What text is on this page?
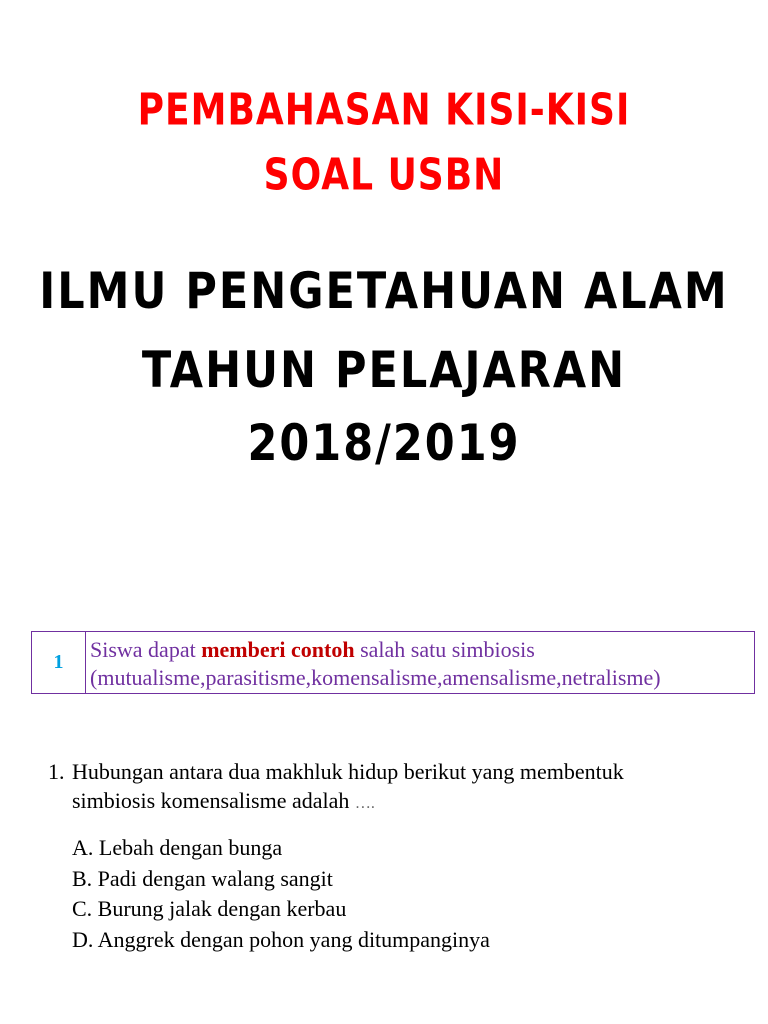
PEMBAHASAN KISI-KISI
SOAL USBN
ILMU PENGETAHUAN ALAM
TAHUN PELAJARAN
2018/2019
1	Siswa dapat memberi contoh salah satu simbiosis
(mutualisme,parasitisme,komensalisme,amensalisme,netralisme)
1. Hubungan antara dua makhluk hidup berikut yang membentuk
simbiosis komensalisme adalah ….
A. Lebah dengan bunga
B. Padi dengan walang sangit
C. Burung jalak dengan kerbau
D. Anggrek dengan pohon yang ditumpanginya
